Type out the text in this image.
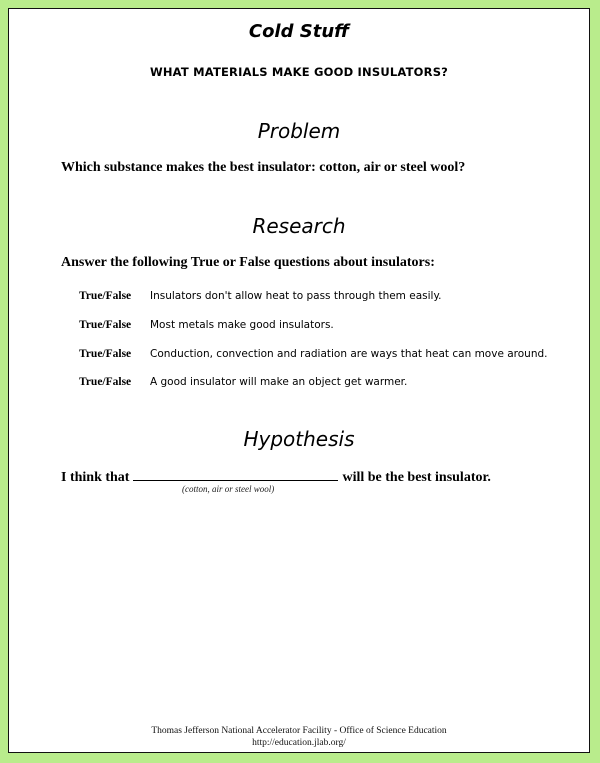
Cold Stuff
WHAT MATERIALS MAKE GOOD INSULATORS?
Problem
Which substance makes the best insulator: cotton, air or steel wool?
Research
Answer the following True or False questions about insulators:
True/False Insulators don't allow heat to pass through them easily.
True/False Most metals make good insulators.
True/False Conduction, convection and radiation are ways that heat can move around.
True/False A good insulator will make an object get warmer.
Hypothesis
I think that	will be the best insulator.
(cotton, air or steel wool)
Thomas Jefferson National Accelerator Facility - Office of Science Education
http://education.jlab.org/
